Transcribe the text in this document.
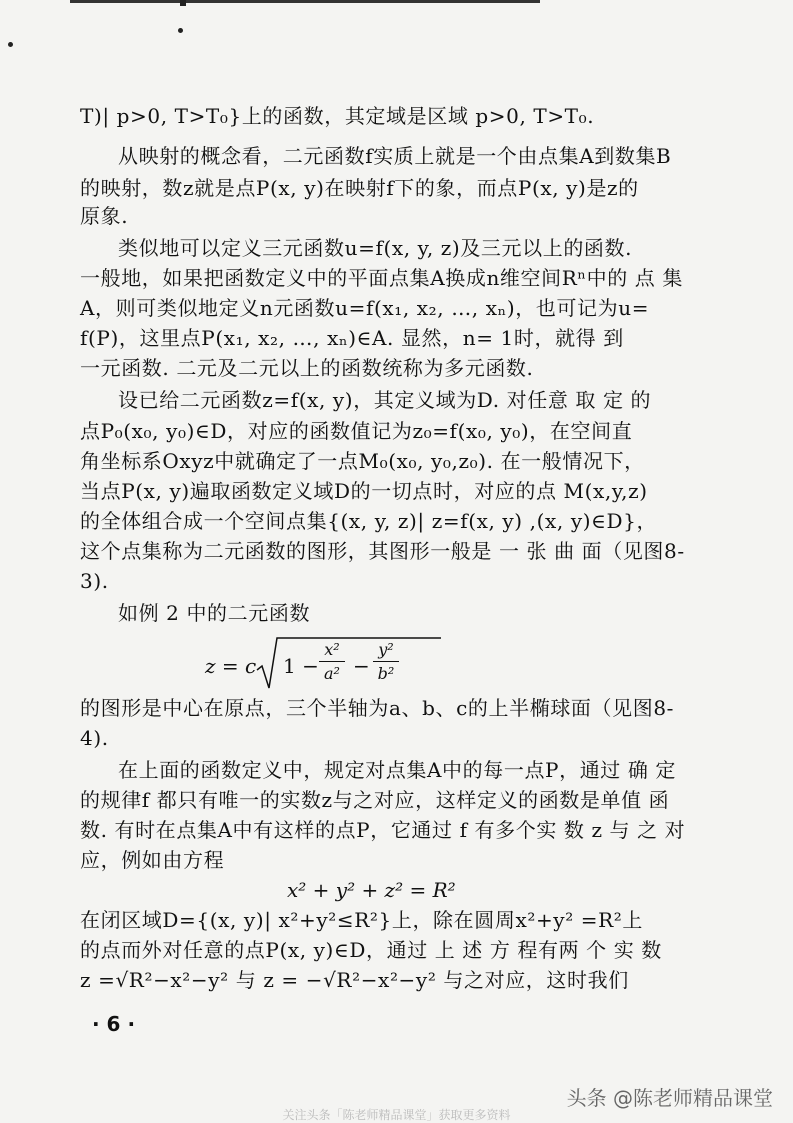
T)| p>0, T>T₀}上的函数，其定域是区域 p>0, T>T₀.
从映射的概念看，二元函数f实质上就是一个由点集A到数集B
的映射，数z就是点P(x, y)在映射f下的象，而点P(x, y)是z的
原象.
类似地可以定义三元函数u=f(x, y, z)及三元以上的函数.
一般地，如果把函数定义中的平面点集A换成n维空间Rⁿ中的 点 集
A，则可类似地定义n元函数u=f(x₁, x₂, …, xₙ)，也可记为u=
f(P)，这里点P(x₁, x₂, …, xₙ)∈A. 显然，n= 1时，就得 到
一元函数. 二元及二元以上的函数统称为多元函数.
设已给二元函数z=f(x, y)，其定义域为D. 对任意 取 定 的
点P₀(x₀, y₀)∈D，对应的函数值记为z₀=f(x₀, y₀)，在空间直
角坐标系Oxyz中就确定了一点M₀(x₀, y₀,z₀). 在一般情况下，
当点P(x, y)遍取函数定义域D的一切点时，对应的点 M(x,y,z)
的全体组合成一个空间点集{(x, y, z)| z=f(x, y) ,(x, y)∈D}，
这个点集称为二元函数的图形，其图形一般是 一 张 曲 面（见图8-
3).
如例 2 中的二元函数
z = c 1 −
x²
a² −
y²
b²
的图形是中心在原点，三个半轴为a、b、c的上半椭球面（见图8-
4).
在上面的函数定义中，规定对点集A中的每一点P，通过 确 定
的规律f 都只有唯一的实数z与之对应，这样定义的函数是单值 函
数. 有时在点集A中有这样的点P，它通过 f 有多个实 数 z 与 之 对
应，例如由方程
x² + y² + z² = R²
在闭区域D={(x, y)| x²+y²≤R²}上，除在圆周x²+y² =R²上
的点而外对任意的点P(x, y)∈D，通过 上 述 方 程有两 个 实 数
z =√R²−x²−y² 与 z = −√R²−x²−y² 与之对应，这时我们
· 6 ·
头条 @陈老师精品课堂
关注头条「陈老师精品课堂」获取更多资料
